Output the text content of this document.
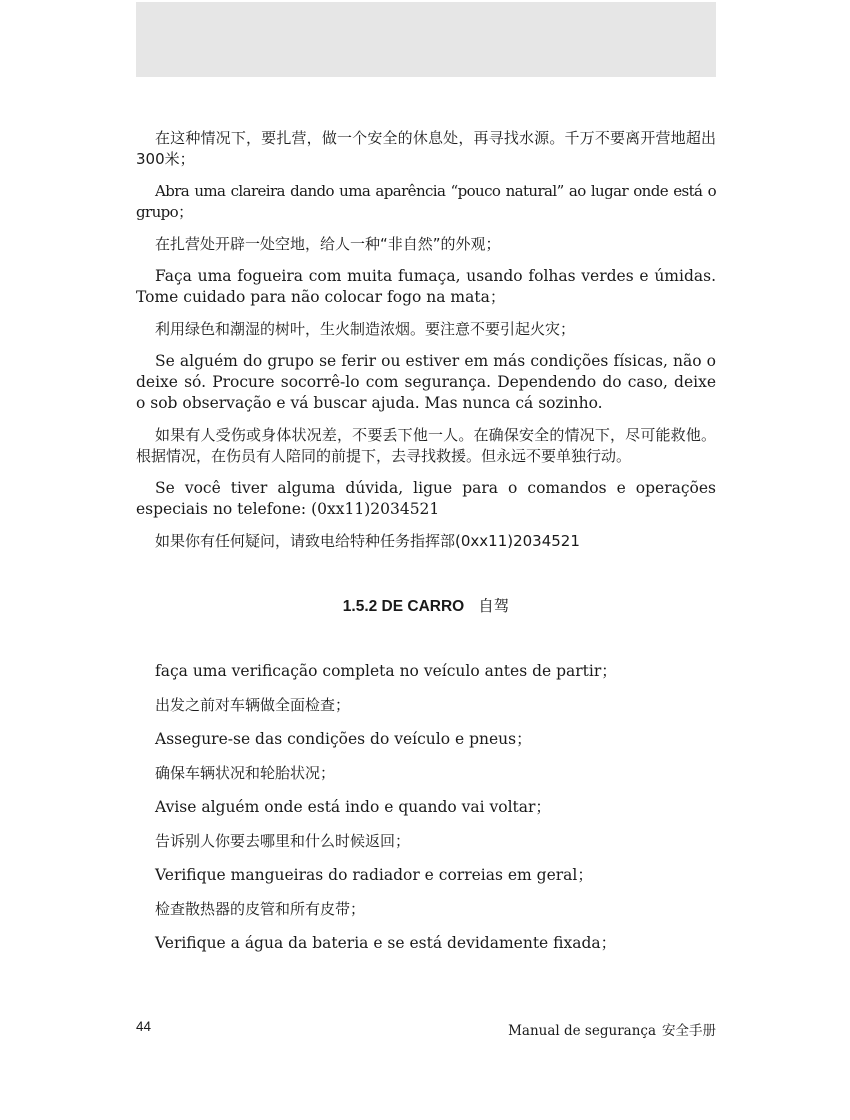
在这种情况下，要扎营，做一个安全的休息处，再寻找水源。千万不要离开营地超出300米；

Abra uma clareira dando uma aparência “pouco natural” ao lugar onde está o grupo；

在扎营处开辟一处空地，给人一种“非自然”的外观；

Faça uma fogueira com muita fumaça, usando folhas verdes e úmidas. Tome cuidado para não colocar fogo na mata；

利用绿色和潮湿的树叶，生火制造浓烟。要注意不要引起火灾；

Se alguém do grupo se ferir ou estiver em más condições físicas, não o deixe só. Procure socorrê-lo com segurança. Dependendo do caso, deixe o sob observação e vá buscar ajuda. Mas nunca cá sozinho.

如果有人受伤或身体状况差，不要丢下他一人。在确保安全的情况下，尽可能救他。根据情况，在伤员有人陪同的前提下，去寻找救援。但永远不要单独行动。

Se você tiver alguma dúvida, ligue para o comandos e operações especiais no telefone: (0xx11)2034521

如果你有任何疑问，请致电给特种任务指挥部(0xx11)2034521

1.5.2 DE CARRO 自驾

faça uma verificação completa no veículo antes de partir；

出发之前对车辆做全面检查；

Assegure-se das condições do veículo e pneus；

确保车辆状况和轮胎状况；

Avise alguém onde está indo e quando vai voltar；

告诉别人你要去哪里和什么时候返回；

Verifique mangueiras do radiador e correias em geral；

检查散热器的皮管和所有皮带；

Verifique a água da bateria e se está devidamente fixada；

44	Manual de segurança 安全手册
